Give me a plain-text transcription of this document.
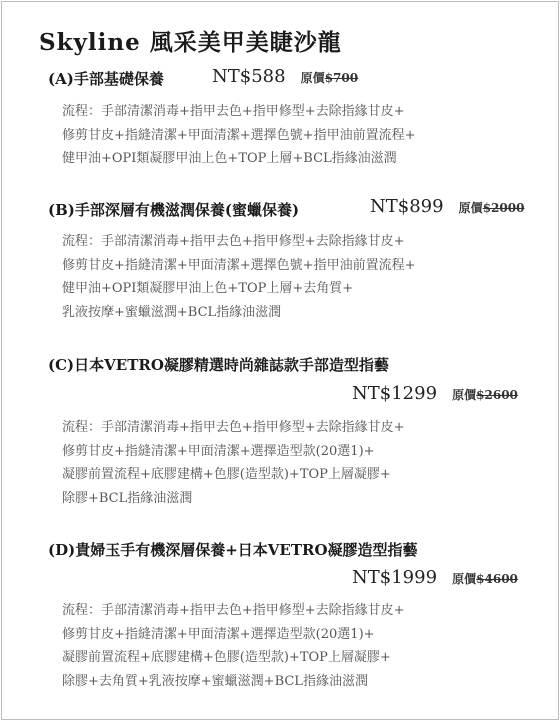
Skyline 風采美甲美睫沙龍
(A)手部基礎保養	NT$588 原價$700
流程：手部清潔消毒+指甲去色+指甲修型+去除指緣甘皮+
修剪甘皮+指縫清潔+甲面清潔+選擇色號+指甲油前置流程+
健甲油+OPI類凝膠甲油上色+TOP上層+BCL指緣油滋潤
(B)手部深層有機滋潤保養(蜜蠟保養)	NT$899 原價$2000
流程：手部清潔消毒+指甲去色+指甲修型+去除指緣甘皮+
修剪甘皮+指縫清潔+甲面清潔+選擇色號+指甲油前置流程+
健甲油+OPI類凝膠甲油上色+TOP上層+去角質+
乳液按摩+蜜蠟滋潤+BCL指緣油滋潤
(C)日本VETRO凝膠精選時尚雜誌款手部造型指藝
NT$1299 原價$2600
流程：手部清潔消毒+指甲去色+指甲修型+去除指緣甘皮+
修剪甘皮+指縫清潔+甲面清潔+選擇造型款(20選1)+
凝膠前置流程+底膠建構+色膠(造型款)+TOP上層凝膠+
除膠+BCL指緣油滋潤
(D)貴婦玉手有機深層保養+日本VETRO凝膠造型指藝
NT$1999 原價$4600
流程：手部清潔消毒+指甲去色+指甲修型+去除指緣甘皮+
修剪甘皮+指縫清潔+甲面清潔+選擇造型款(20選1)+
凝膠前置流程+底膠建構+色膠(造型款)+TOP上層凝膠+
除膠+去角質+乳液按摩+蜜蠟滋潤+BCL指緣油滋潤
